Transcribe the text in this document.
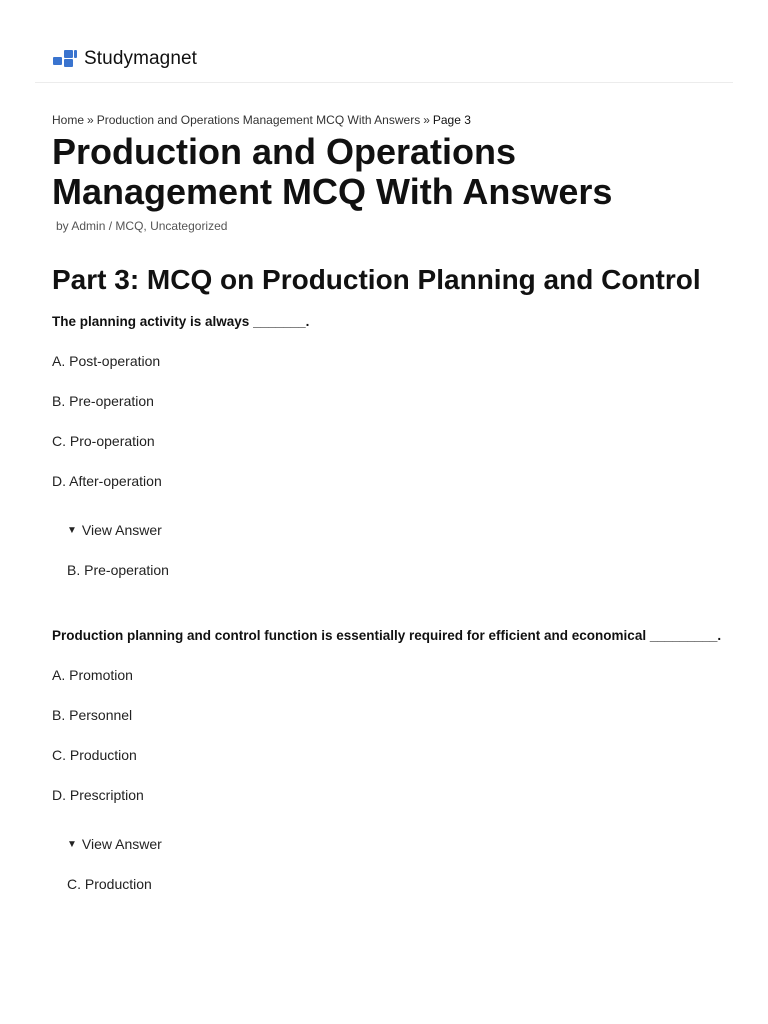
Studymagnet
Home » Production and Operations Management MCQ With Answers » Page 3
Production and Operations Management MCQ With Answers
by Admin / MCQ, Uncategorized
Part 3: MCQ on Production Planning and Control

The planning activity is always _______.

A. Post-operation

B. Pre-operation

C. Pro-operation

D. After-operation

▼ View Answer

B. Pre-operation

Production planning and control function is essentially required for efficient and economical _________.

A. Promotion

B. Personnel

C. Production

D. Prescription

▼ View Answer

C. Production
